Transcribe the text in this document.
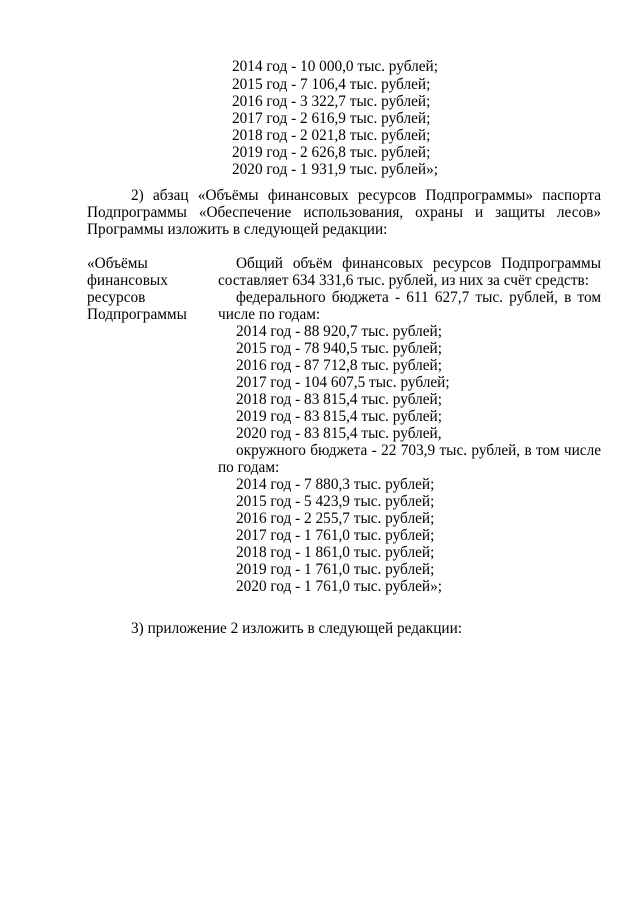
2014 год - 10 000,0 тыс. рублей;
2015 год - 7 106,4 тыс. рублей;
2016 год - 3 322,7 тыс. рублей;
2017 год - 2 616,9 тыс. рублей;
2018 год - 2 021,8 тыс. рублей;
2019 год - 2 626,8 тыс. рублей;
2020 год - 1 931,9 тыс. рублей»;
2) абзац «Объёмы финансовых ресурсов Подпрограммы» паспорта
Подпрограммы «Обеспечение использования, охраны и защиты лесов»
Программы изложить в следующей редакции:
«Объёмы
финансовых
ресурсов
Подпрограммы
Общий объём финансовых ресурсов Подпрограммы
составляет 634 331,6 тыс. рублей, из них за счёт средств:
федерального бюджета - 611 627,7 тыс. рублей, в том
числе по годам:
2014 год - 88 920,7 тыс. рублей;
2015 год - 78 940,5 тыс. рублей;
2016 год - 87 712,8 тыс. рублей;
2017 год - 104 607,5 тыс. рублей;
2018 год - 83 815,4 тыс. рублей;
2019 год - 83 815,4 тыс. рублей;
2020 год - 83 815,4 тыс. рублей,
окружного бюджета - 22 703,9 тыс. рублей, в том числе
по годам:
2014 год - 7 880,3 тыс. рублей;
2015 год - 5 423,9 тыс. рублей;
2016 год - 2 255,7 тыс. рублей;
2017 год - 1 761,0 тыс. рублей;
2018 год - 1 861,0 тыс. рублей;
2019 год - 1 761,0 тыс. рублей;
2020 год - 1 761,0 тыс. рублей»;
3) приложение 2 изложить в следующей редакции:
